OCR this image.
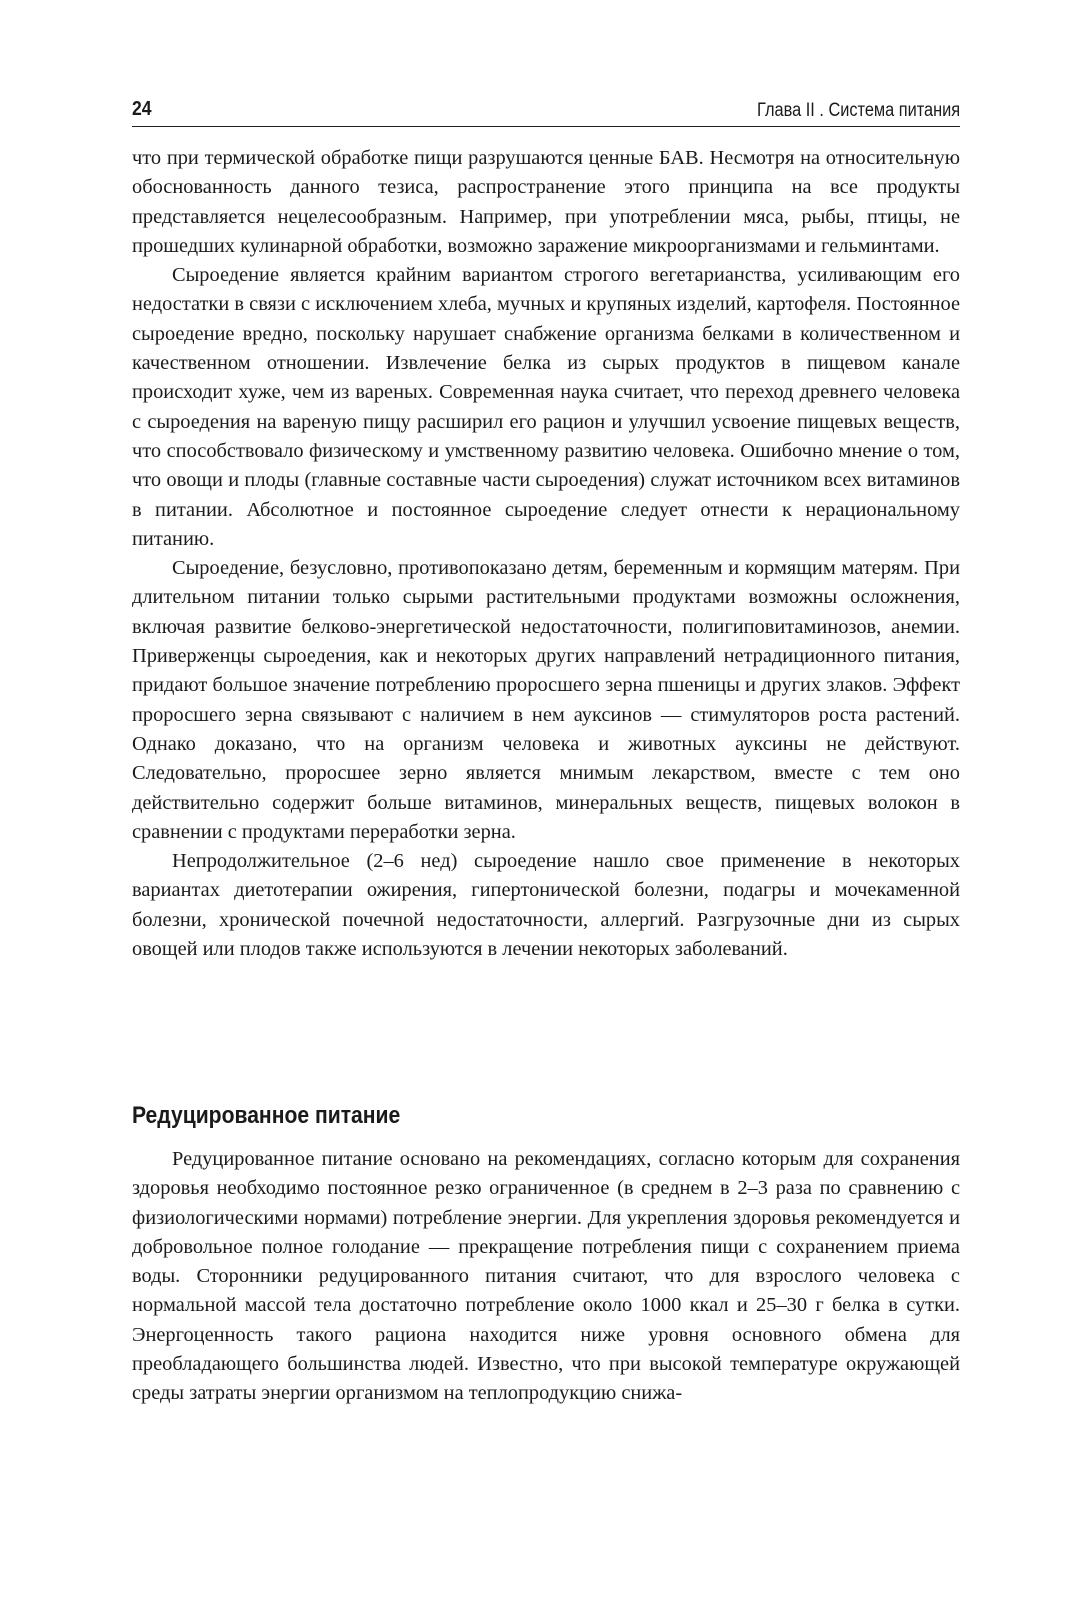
24	Глава II . Система питания

что при термической обработке пищи разрушаются ценные БАВ. Несмотря на относительную обоснованность данного тезиса, распространение этого принципа на все продукты представляется нецелесообразным. Например, при употреблении мяса, рыбы, птицы, не прошедших кулинарной обработки, возможно заражение микроорганизмами и гельминтами.

Сыроедение является крайним вариантом строгого вегетарианства, усиливающим его недостатки в связи с исключением хлеба, мучных и крупяных изделий, картофеля. Постоянное сыроедение вредно, поскольку нарушает снабжение организма белками в количественном и качественном отношении. Извлечение белка из сырых продуктов в пищевом канале происходит хуже, чем из вареных. Современная наука считает, что переход древнего человека с сыроедения на вареную пищу расширил его рацион и улучшил усвоение пищевых веществ, что способствовало физическому и умственному развитию человека. Ошибочно мнение о том, что овощи и плоды (главные составные части сыроедения) служат источником всех витаминов в питании. Абсолютное и постоянное сыроедение следует отнести к нерациональному питанию.

Сыроедение, безусловно, противопоказано детям, беременным и кормящим матерям. При длительном питании только сырыми растительными продуктами возможны осложнения, включая развитие белково-энергетической недостаточности, полигиповитаминозов, анемии. Приверженцы сыроедения, как и некоторых других направлений нетрадиционного питания, придают большое значение потреблению проросшего зерна пшеницы и других злаков. Эффект проросшего зерна связывают с наличием в нем ауксинов — стимуляторов роста растений. Однако доказано, что на организм человека и животных ауксины не действуют. Следовательно, проросшее зерно является мнимым лекарством, вместе с тем оно действительно содержит больше витаминов, минеральных веществ, пищевых волокон в сравнении с продуктами переработки зерна.

Непродолжительное (2–6 нед) сыроедение нашло свое применение в некоторых вариантах диетотерапии ожирения, гипертонической болезни, подагры и мочекаменной болезни, хронической почечной недостаточности, аллергий. Разгрузочные дни из сырых овощей или плодов также используются в лечении некоторых заболеваний.

Редуцированное питание

Редуцированное питание основано на рекомендациях, согласно которым для сохранения здоровья необходимо постоянное резко ограниченное (в среднем в 2–3 раза по сравнению с физиологическими нормами) потребление энергии. Для укрепления здоровья рекомендуется и добровольное полное голодание — прекращение потребления пищи с сохранением приема воды. Сторонники редуцированного питания считают, что для взрослого человека с нормальной массой тела достаточно потребление около 1000 ккал и 25–30 г белка в сутки. Энергоценность такого рациона находится ниже уровня основного обмена для преобладающего большинства людей. Известно, что при высокой температуре окружающей среды затраты энергии организмом на теплопродукцию снижа-
